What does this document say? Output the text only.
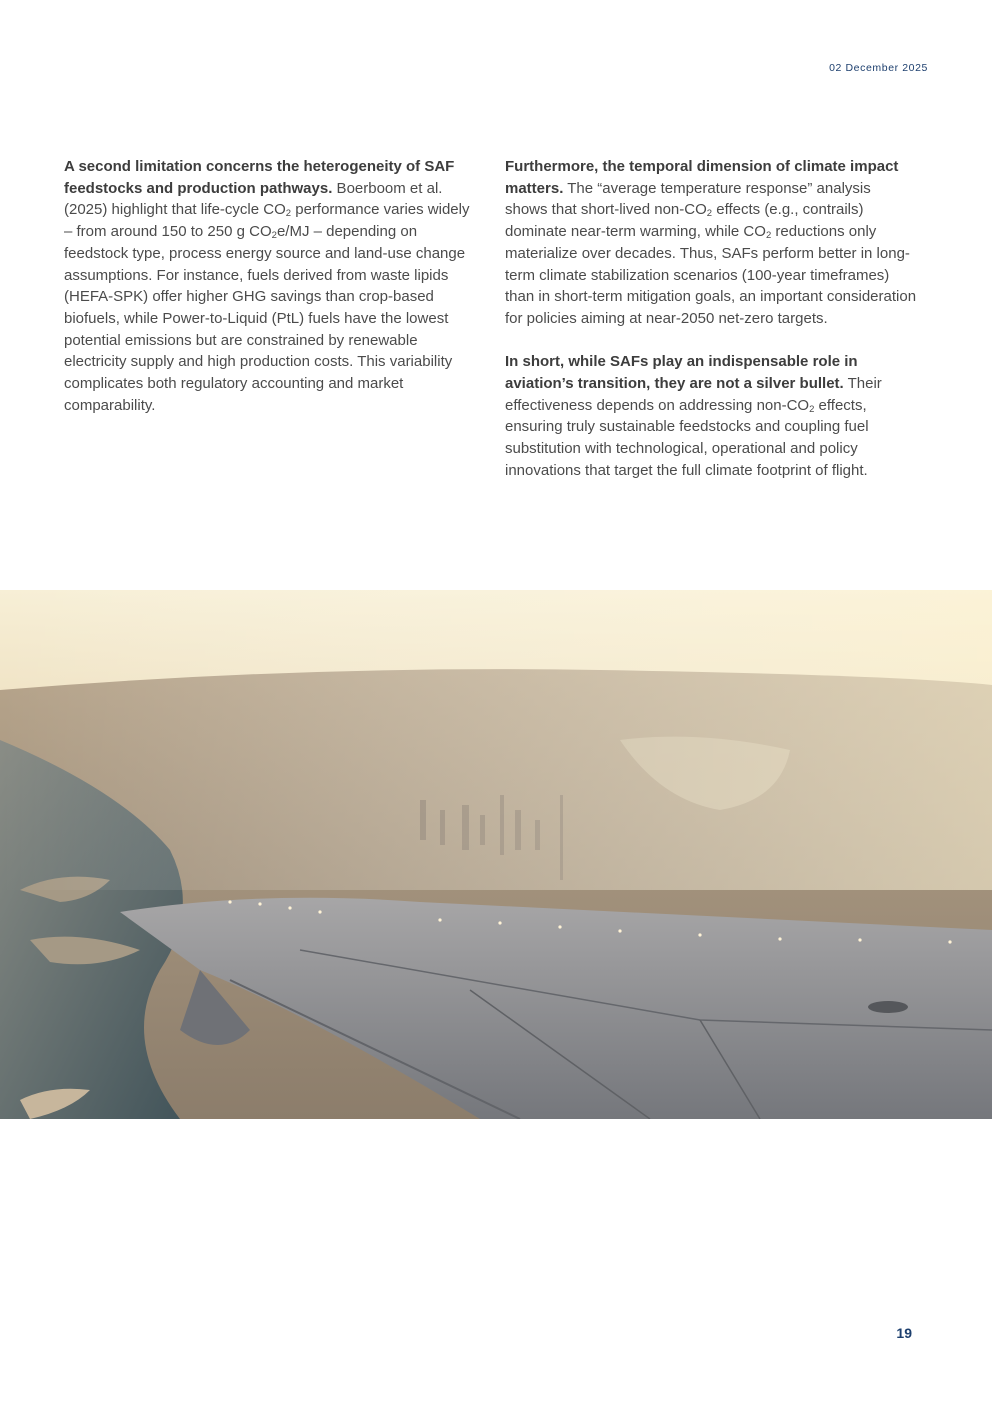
02 December 2025

A second limitation concerns the heterogeneity of SAF feedstocks and production pathways. Boerboom et al. (2025) highlight that life-cycle $CO_2$ performance varies widely – from around 150 to 250 g $CO_2e/MJ$ – depending on feedstock type, process energy source and land-use change assumptions. For instance, fuels derived from waste lipids (HEFA-SPK) offer higher GHG savings than crop-based biofuels, while Power-to-Liquid (PtL) fuels have the lowest potential emissions but are constrained by renewable electricity supply and high production costs. This variability complicates both regulatory accounting and market comparability.

Furthermore, the temporal dimension of climate impact matters. The “average temperature response” analysis shows that short-lived non-$CO_2$ effects (e.g., contrails) dominate near-term warming, while $CO_2$ reductions only materialize over decades. Thus, SAFs perform better in long-term climate stabilization scenarios (100-year timeframes) than in short-term mitigation goals, an important consideration for policies aiming at near-2050 net-zero targets.

In short, while SAFs play an indispensable role in aviation’s transition, they are not a silver bullet. Their effectiveness depends on addressing non-$CO_2$ effects, ensuring truly sustainable feedstocks and coupling fuel substitution with technological, operational and policy innovations that target the full climate footprint of flight.

19
